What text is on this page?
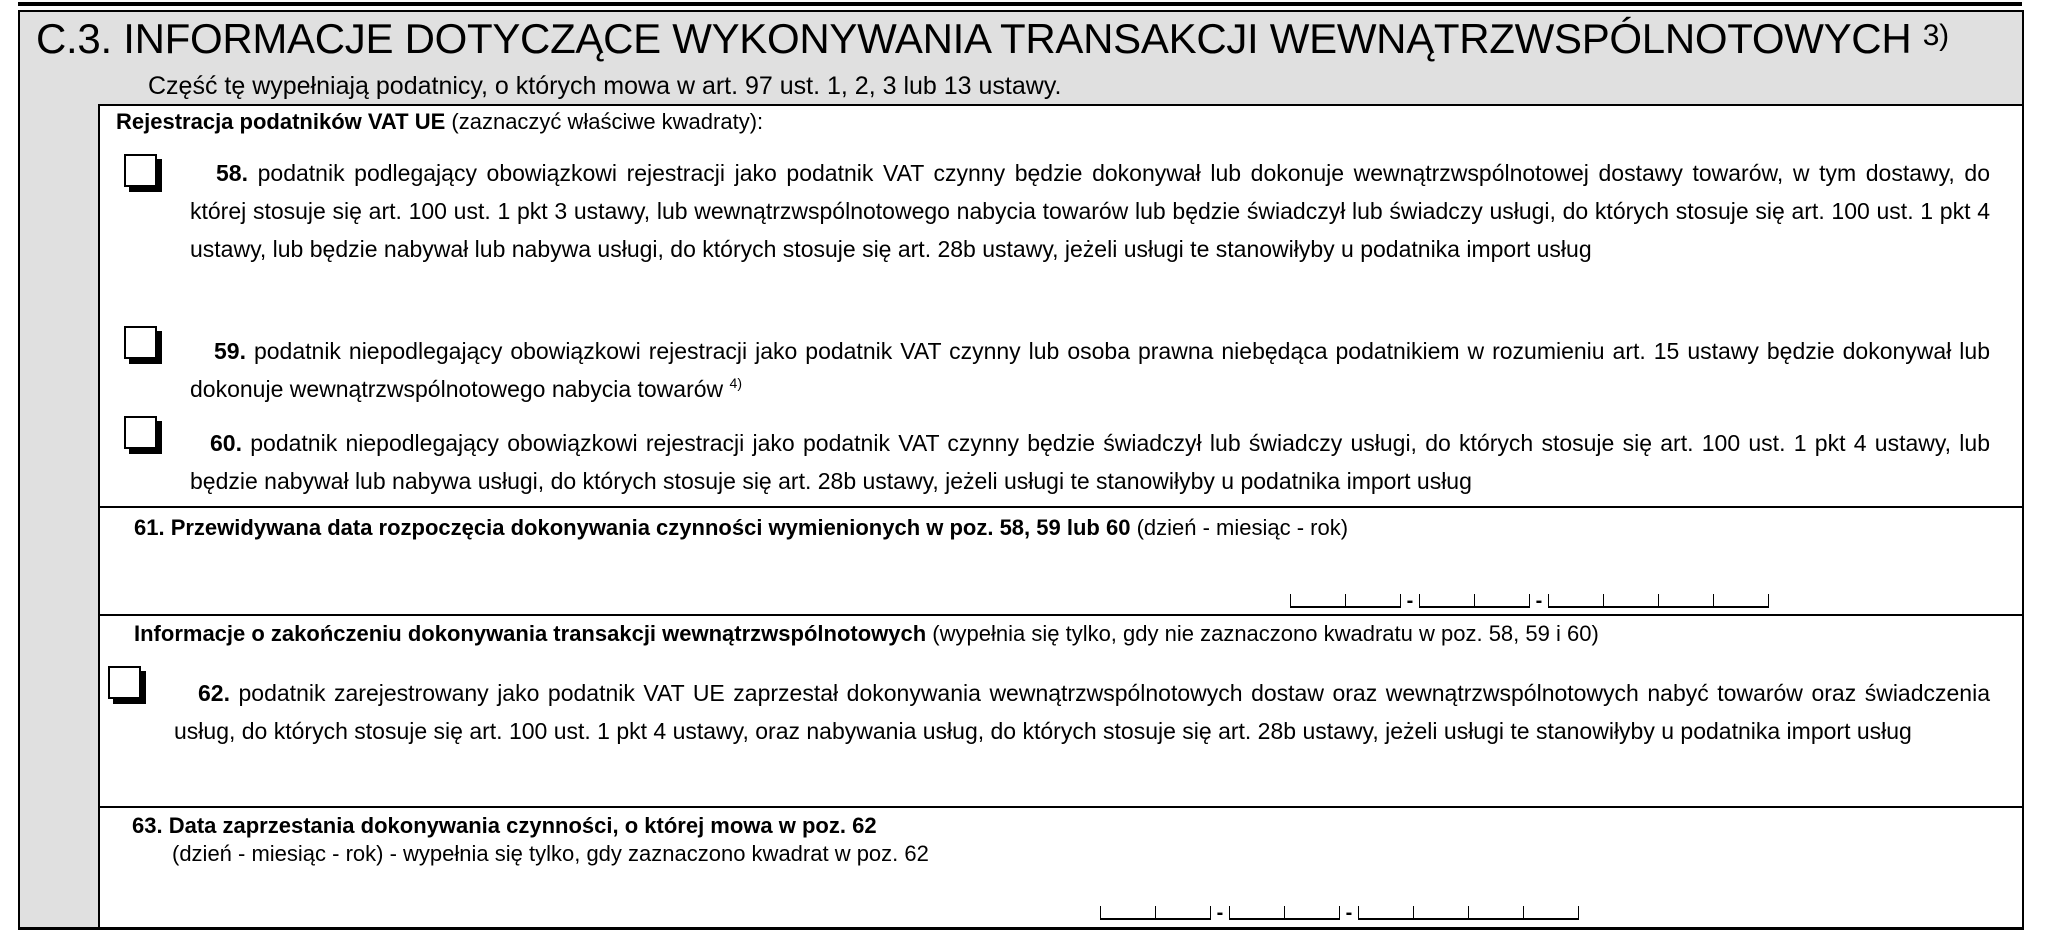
C.3. INFORMACJE DOTYCZĄCE WYKONYWANIA TRANSAKCJI WEWNĄTRZWSPÓLNOTOWYCH 3)
Część tę wypełniają podatnicy, o których mowa w art. 97 ust. 1, 2, 3 lub 13 ustawy.
Rejestracja podatników VAT UE (zaznaczyć właściwe kwadraty):
58. podatnik podlegający obowiązkowi rejestracji jako podatnik VAT czynny będzie dokonywał lub dokonuje wewnątrzwspólnotowej dostawy towarów, w tym dostawy, do której stosuje się art. 100 ust. 1 pkt 3 ustawy, lub wewnątrzwspólnotowego nabycia towarów lub będzie świadczył lub świadczy usługi, do których stosuje się art. 100 ust. 1 pkt 4 ustawy, lub będzie nabywał lub nabywa usługi, do których stosuje się art. 28b ustawy, jeżeli usługi te stanowiłyby u podatnika import usług
59. podatnik niepodlegający obowiązkowi rejestracji jako podatnik VAT czynny lub osoba prawna niebędąca podatnikiem w rozumieniu art. 15 ustawy będzie dokonywał lub dokonuje wewnątrzwspólnotowego nabycia towarów $^{4)}$
60. podatnik niepodlegający obowiązkowi rejestracji jako podatnik VAT czynny będzie świadczył lub świadczy usługi, do których stosuje się art. 100 ust. 1 pkt 4 ustawy, lub będzie nabywał lub nabywa usługi, do których stosuje się art. 28b ustawy, jeżeli usługi te stanowiłyby u podatnika import usług
61. Przewidywana data rozpoczęcia dokonywania czynności wymienionych w poz. 58, 59 lub 60 (dzień - miesiąc - rok)
-	-
Informacje o zakończeniu dokonywania transakcji wewnątrzwspólnotowych (wypełnia się tylko, gdy nie zaznaczono kwadratu w poz. 58, 59 i 60)
62. podatnik zarejestrowany jako podatnik VAT UE zaprzestał dokonywania wewnątrzwspólnotowych dostaw oraz wewnątrzwspólnotowych nabyć towarów oraz świadczenia usług, do których stosuje się art. 100 ust. 1 pkt 4 ustawy, oraz nabywania usług, do których stosuje się art. 28b ustawy, jeżeli usługi te stanowiłyby u podatnika import usług
63. Data zaprzestania dokonywania czynności, o której mowa w poz. 62
(dzień - miesiąc - rok) - wypełnia się tylko, gdy zaznaczono kwadrat w poz. 62
-	-
